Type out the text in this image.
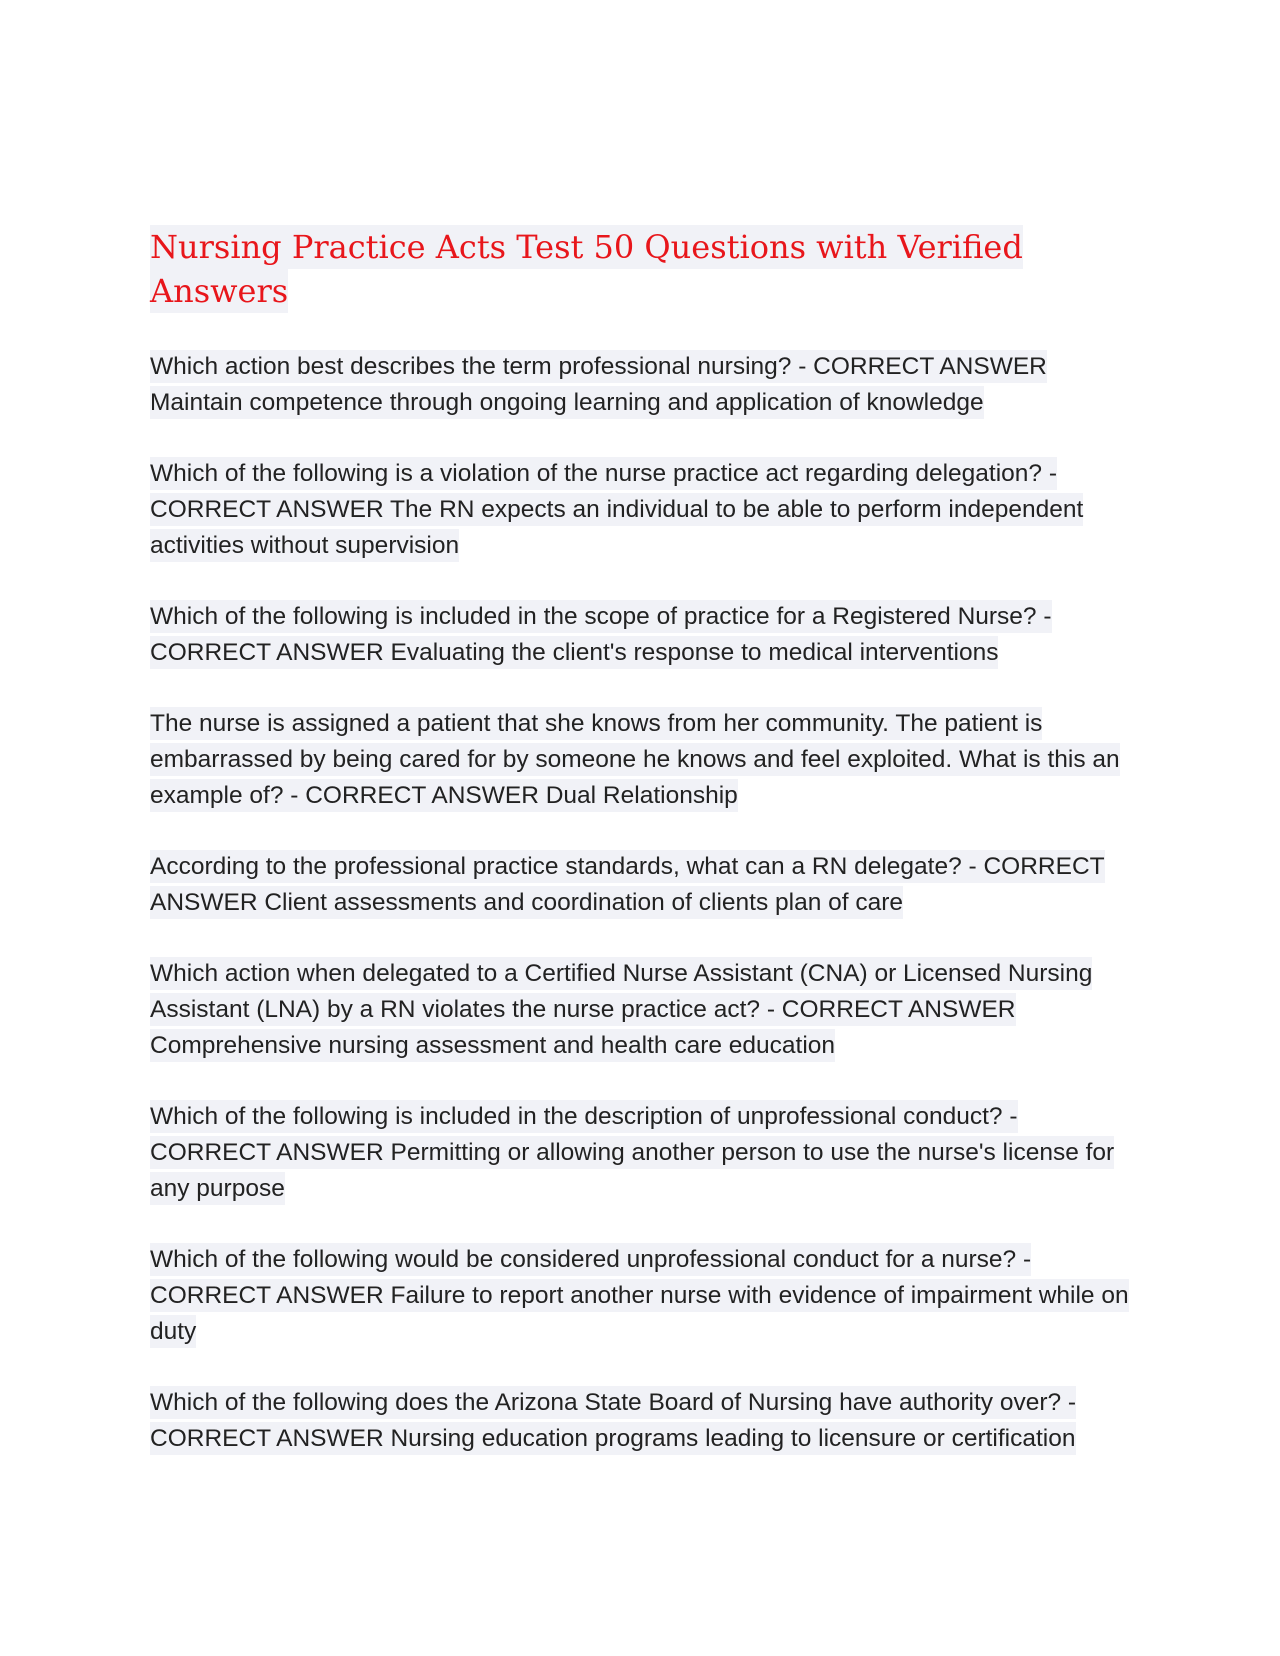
Nursing Practice Acts Test 50 Questions with Verified Answers

Which action best describes the term professional nursing? - CORRECT ANSWER Maintain competence through ongoing learning and application of knowledge

Which of the following is a violation of the nurse practice act regarding delegation? - CORRECT ANSWER The RN expects an individual to be able to perform independent activities without supervision

Which of the following is included in the scope of practice for a Registered Nurse? - CORRECT ANSWER Evaluating the client's response to medical interventions

The nurse is assigned a patient that she knows from her community. The patient is embarrassed by being cared for by someone he knows and feel exploited. What is this an example of? - CORRECT ANSWER Dual Relationship

According to the professional practice standards, what can a RN delegate? - CORRECT ANSWER Client assessments and coordination of clients plan of care

Which action when delegated to a Certified Nurse Assistant (CNA) or Licensed Nursing Assistant (LNA) by a RN violates the nurse practice act? - CORRECT ANSWER Comprehensive nursing assessment and health care education

Which of the following is included in the description of unprofessional conduct? - CORRECT ANSWER Permitting or allowing another person to use the nurse's license for any purpose

Which of the following would be considered unprofessional conduct for a nurse? - CORRECT ANSWER Failure to report another nurse with evidence of impairment while on duty

Which of the following does the Arizona State Board of Nursing have authority over? - CORRECT ANSWER Nursing education programs leading to licensure or certification
